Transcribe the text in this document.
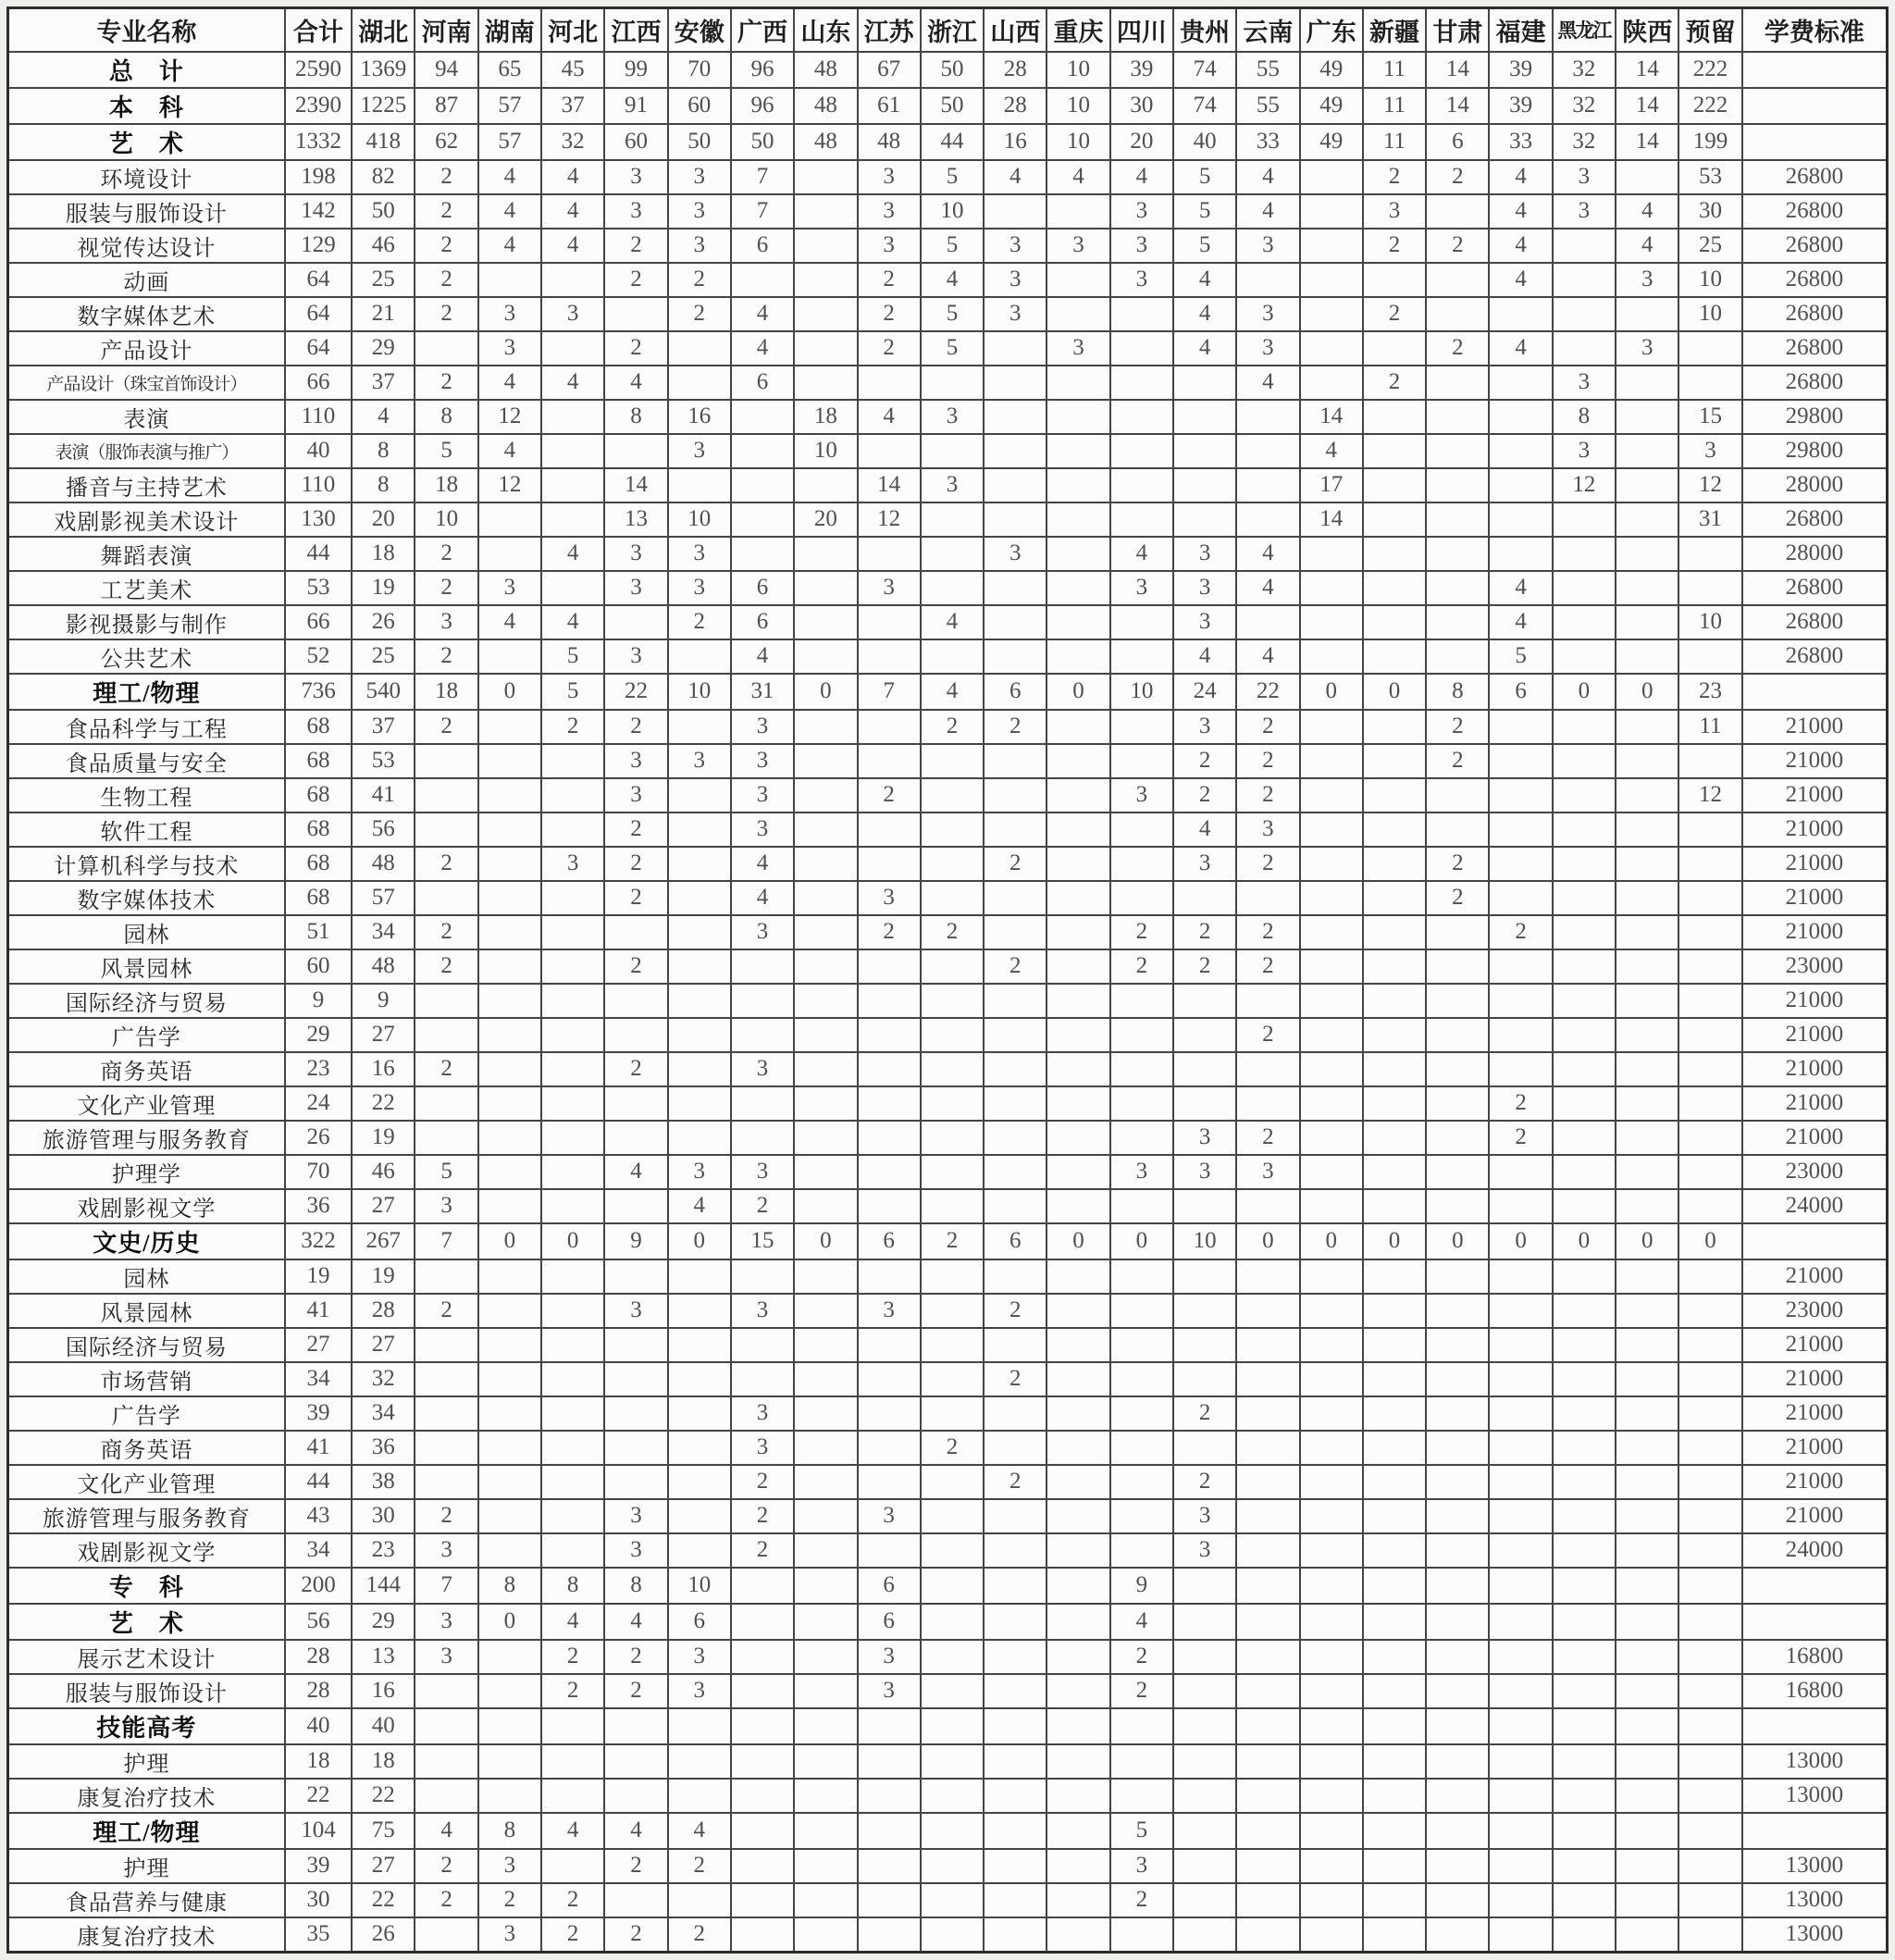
专业名称	合计	湖北	河南	湖南	河北	江西	安徽	广西	山东	江苏	浙江	山西	重庆	四川	贵州	云南	广东	新疆	甘肃	福建	黑龙江	陕西	预留	学费标准
总　计	2590	1369	94	65	45	99	70	96	48	67	50	28	10	39	74	55	49	11	14	39	32	14	222	
本　科	2390	1225	87	57	37	91	60	96	48	61	50	28	10	30	74	55	49	11	14	39	32	14	222	
艺　术	1332	418	62	57	32	60	50	50	48	48	44	16	10	20	40	33	49	11	6	33	32	14	199	
环境设计	198	82	2	4	4	3	3	7		3	5	4	4	4	5	4		2	2	4	3		53	26800
服装与服饰设计	142	50	2	4	4	3	3	7		3	10			3	5	4		3		4	3	4	30	26800
视觉传达设计	129	46	2	4	4	2	3	6		3	5	3	3	3	5	3		2	2	4		4	25	26800
动画	64	25	2			2	2			2	4	3		3	4					4		3	10	26800
数字媒体艺术	64	21	2	3	3		2	4		2	5	3			4	3		2					10	26800
产品设计	64	29		3		2		4		2	5		3		4	3			2	4		3		26800
产品设计（珠宝首饰设计）	66	37	2	4	4	4		6								4		2			3			26800
表演	110	4	8	12		8	16		18	4	3						14				8		15	29800
表演（服饰表演与推广）	40	8	5	4			3		10								4				3		3	29800
播音与主持艺术	110	8	18	12		14				14	3						17				12		12	28000
戏剧影视美术设计	130	20	10			13	10		20	12							14						31	26800
舞蹈表演	44	18	2		4	3	3					3		4	3	4								28000
工艺美术	53	19	2	3		3	3	6		3				3	3	4				4				26800
影视摄影与制作	66	26	3	4	4		2	6			4				3					4			10	26800
公共艺术	52	25	2		5	3		4							4	4				5				26800
理工/物理	736	540	18	0	5	22	10	31	0	7	4	6	0	10	24	22	0	0	8	6	0	0	23	
食品科学与工程	68	37	2		2	2		3			2	2			3	2			2				11	21000
食品质量与安全	68	53				3	3	3							2	2			2					21000
生物工程	68	41				3		3		2				3	2	2							12	21000
软件工程	68	56				2		3							4	3								21000
计算机科学与技术	68	48	2		3	2		4				2			3	2			2					21000
数字媒体技术	68	57				2		4		3									2					21000
园林	51	34	2					3		2	2			2	2	2				2				21000
风景园林	60	48	2			2						2		2	2	2								23000
国际经济与贸易	9	9																						21000
广告学	29	27														2								21000
商务英语	23	16	2			2		3																21000
文化产业管理	24	22																		2				21000
旅游管理与服务教育	26	19													3	2				2				21000
护理学	70	46	5			4	3	3						3	3	3								23000
戏剧影视文学	36	27	3				4	2																24000
文史/历史	322	267	7	0	0	9	0	15	0	6	2	6	0	0	10	0	0	0	0	0	0	0	0	
园林	19	19																						21000
风景园林	41	28	2			3		3		3		2												23000
国际经济与贸易	27	27																						21000
市场营销	34	32										2												21000
广告学	39	34						3							2									21000
商务英语	41	36						3			2													21000
文化产业管理	44	38						2				2			2									21000
旅游管理与服务教育	43	30	2			3		2		3					3									21000
戏剧影视文学	34	23	3			3		2							3									24000
专　科	200	144	7	8	8	8	10			6				9										
艺　术	56	29	3	0	4	4	6			6				4										
展示艺术设计	28	13	3		2	2	3			3				2										16800
服装与服饰设计	28	16			2	2	3			3				2										16800
技能高考	40	40																						
护理	18	18																						13000
康复治疗技术	22	22																						13000
理工/物理	104	75	4	8	4	4	4							5										
护理	39	27	2	3		2	2							3										13000
食品营养与健康	30	22	2	2	2									2										13000
康复治疗技术	35	26		3	2	2	2																	13000
